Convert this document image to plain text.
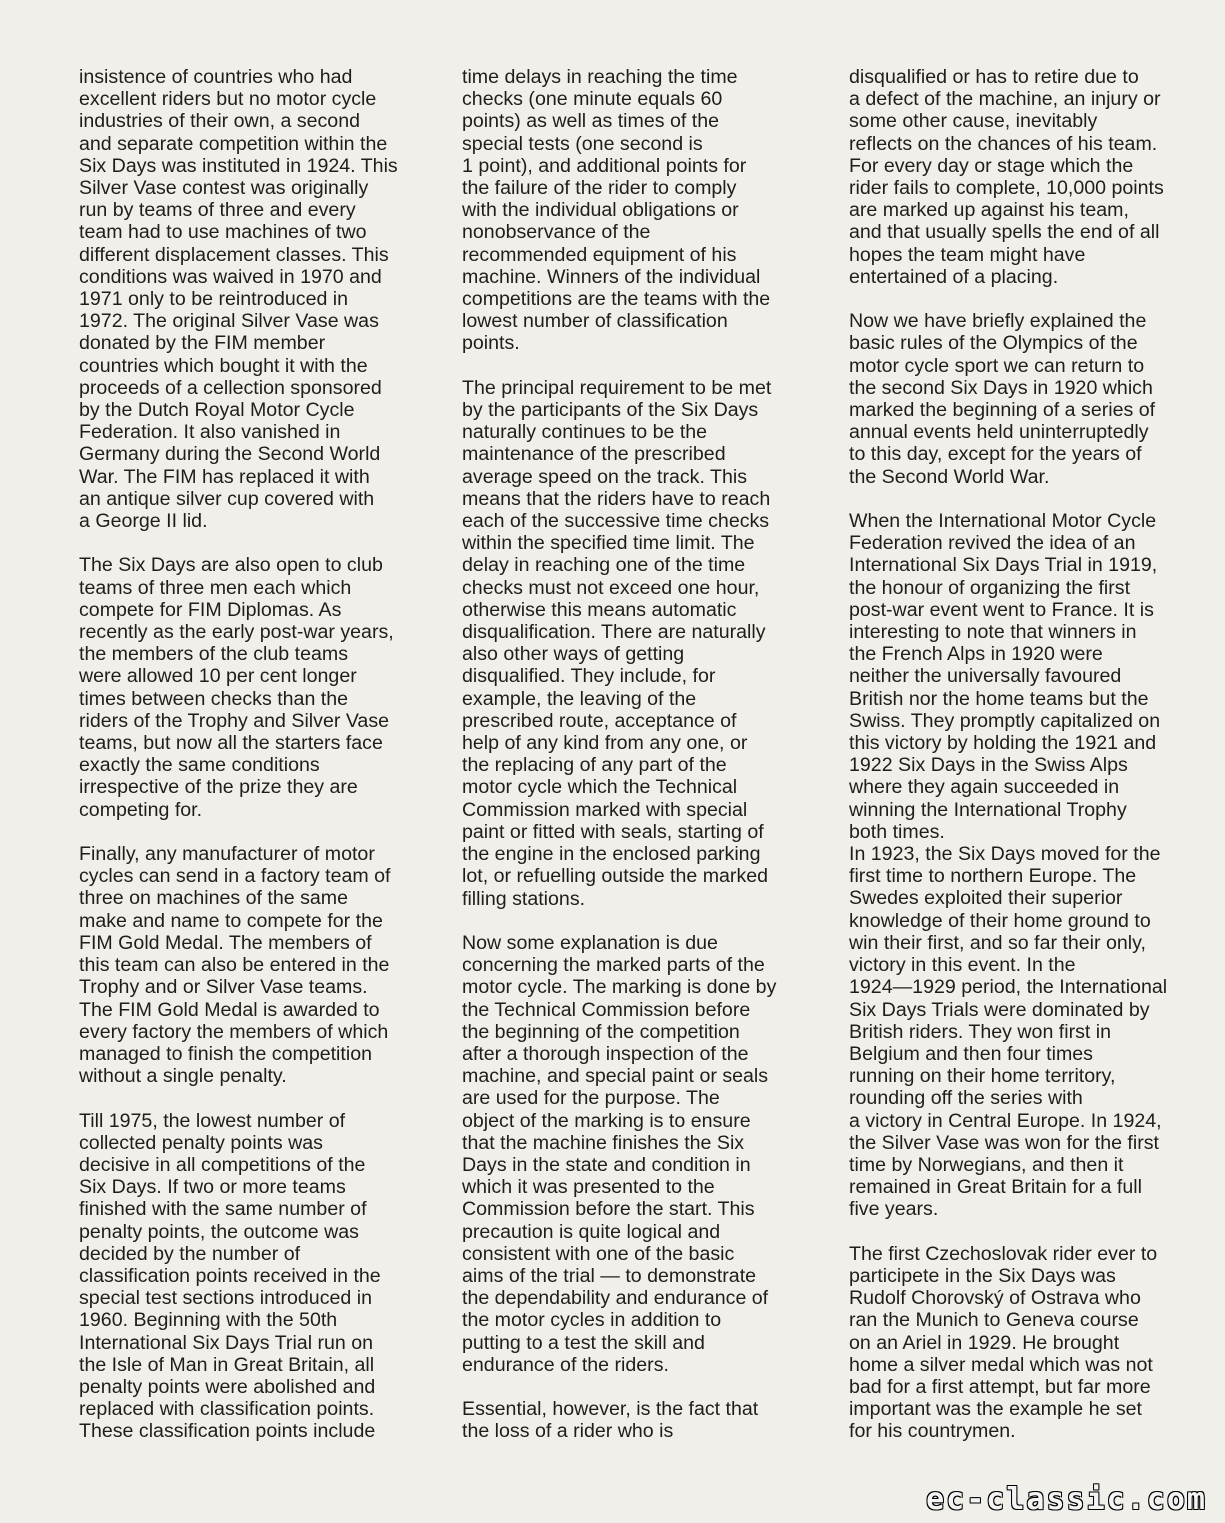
insistence of countries who had
excellent riders but no motor cycle
industries of their own, a second
and separate competition within the
Six Days was instituted in 1924. This
Silver Vase contest was originally
run by teams of three and every
team had to use machines of two
different displacement classes. This
conditions was waived in 1970 and
1971 only to be reintroduced in
1972. The original Silver Vase was
donated by the FIM member
countries which bought it with the
proceeds of a cellection sponsored
by the Dutch Royal Motor Cycle
Federation. It also vanished in
Germany during the Second World
War. The FIM has replaced it with
an antique silver cup covered with
a George II lid.
The Six Days are also open to club
teams of three men each which
compete for FIM Diplomas. As
recently as the early post-war years,
the members of the club teams
were allowed 10 per cent longer
times between checks than the
riders of the Trophy and Silver Vase
teams, but now all the starters face
exactly the same conditions
irrespective of the prize they are
competing for.
Finally, any manufacturer of motor
cycles can send in a factory team of
three on machines of the same
make and name to compete for the
FIM Gold Medal. The members of
this team can also be entered in the
Trophy and or Silver Vase teams.
The FIM Gold Medal is awarded to
every factory the members of which
managed to finish the competition
without a single penalty.
Till 1975, the lowest number of
collected penalty points was
decisive in all competitions of the
Six Days. If two or more teams
finished with the same number of
penalty points, the outcome was
decided by the number of
classification points received in the
special test sections introduced in
1960. Beginning with the 50th
International Six Days Trial run on
the Isle of Man in Great Britain, all
penalty points were abolished and
replaced with classification points.
These classification points include
time delays in reaching the time
checks (one minute equals 60
points) as well as times of the
special tests (one second is
1 point), and additional points for
the failure of the rider to comply
with the individual obligations or
nonobservance of the
recommended equipment of his
machine. Winners of the individual
competitions are the teams with the
lowest number of classification
points.
The principal requirement to be met
by the participants of the Six Days
naturally continues to be the
maintenance of the prescribed
average speed on the track. This
means that the riders have to reach
each of the successive time checks
within the specified time limit. The
delay in reaching one of the time
checks must not exceed one hour,
otherwise this means automatic
disqualification. There are naturally
also other ways of getting
disqualified. They include, for
example, the leaving of the
prescribed route, acceptance of
help of any kind from any one, or
the replacing of any part of the
motor cycle which the Technical
Commission marked with special
paint or fitted with seals, starting of
the engine in the enclosed parking
lot, or refuelling outside the marked
filling stations.
Now some explanation is due
concerning the marked parts of the
motor cycle. The marking is done by
the Technical Commission before
the beginning of the competition
after a thorough inspection of the
machine, and special paint or seals
are used for the purpose. The
object of the marking is to ensure
that the machine finishes the Six
Days in the state and condition in
which it was presented to the
Commission before the start. This
precaution is quite logical and
consistent with one of the basic
aims of the trial — to demonstrate
the dependability and endurance of
the motor cycles in addition to
putting to a test the skill and
endurance of the riders.
Essential, however, is the fact that
the loss of a rider who is
disqualified or has to retire due to
a defect of the machine, an injury or
some other cause, inevitably
reflects on the chances of his team.
For every day or stage which the
rider fails to complete, 10,000 points
are marked up against his team,
and that usually spells the end of all
hopes the team might have
entertained of a placing.
Now we have briefly explained the
basic rules of the Olympics of the
motor cycle sport we can return to
the second Six Days in 1920 which
marked the beginning of a series of
annual events held uninterruptedly
to this day, except for the years of
the Second World War.
When the International Motor Cycle
Federation revived the idea of an
International Six Days Trial in 1919,
the honour of organizing the first
post-war event went to France. It is
interesting to note that winners in
the French Alps in 1920 were
neither the universally favoured
British nor the home teams but the
Swiss. They promptly capitalized on
this victory by holding the 1921 and
1922 Six Days in the Swiss Alps
where they again succeeded in
winning the International Trophy
both times.
In 1923, the Six Days moved for the
first time to northern Europe. The
Swedes exploited their superior
knowledge of their home ground to
win their first, and so far their only,
victory in this event. In the
1924—1929 period, the International
Six Days Trials were dominated by
British riders. They won first in
Belgium and then four times
running on their home territory,
rounding off the series with
a victory in Central Europe. In 1924,
the Silver Vase was won for the first
time by Norwegians, and then it
remained in Great Britain for a full
five years.
The first Czechoslovak rider ever to
participete in the Six Days was
Rudolf Chorovský of Ostrava who
ran the Munich to Geneva course
on an Ariel in 1929. He brought
home a silver medal which was not
bad for a first attempt, but far more
important was the example he set
for his countrymen.
ec-classic.com
